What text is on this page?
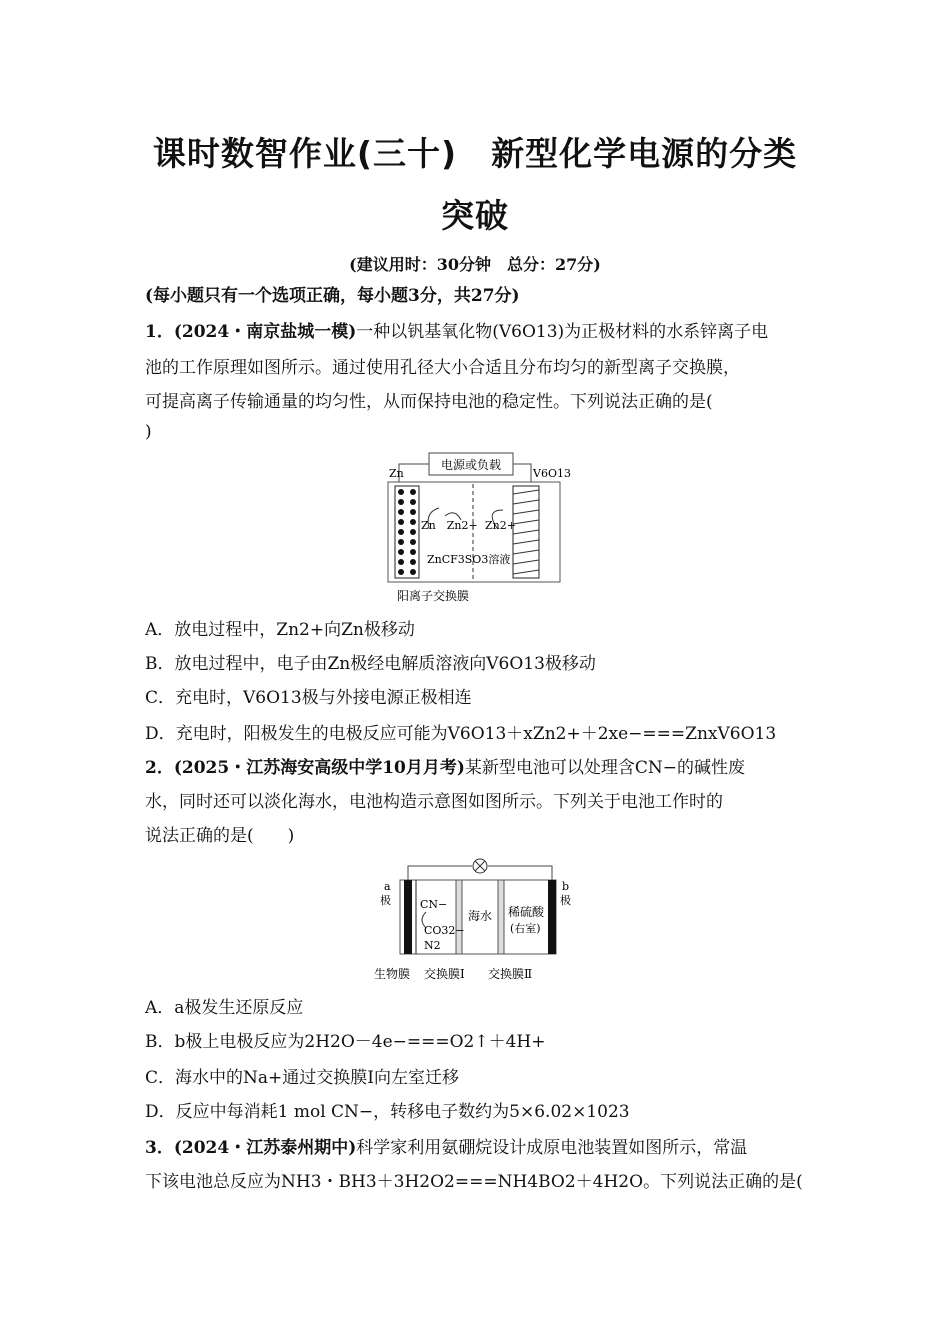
课时数智作业(三十)　新型化学电源的分类
突破
(建议用时：30分钟　总分：27分)
(每小题只有一个选项正确，每小题3分，共27分)
1．(2024・南京盐城一模)一种以钒基氧化物(V6O13)为正极材料的水系锌离子电
池的工作原理如图所示。通过使用孔径大小合适且分布均匀的新型离子交换膜，
可提高离子传输通量的均匀性，从而保持电池的稳定性。下列说法正确的是(
)
电源或负载
Zn	V6O13
Zn　Zn2+ Zn2+
ZnCF3SO3溶液
阳离子交换膜
A．放电过程中，Zn2+向Zn极移动
B．放电过程中，电子由Zn极经电解质溶液向V6O13极移动
C．充电时，V6O13极与外接电源正极相连
D．充电时，阳极发生的电极反应可能为V6O13＋xZn2+＋2xe−===ZnxV6O13
2．(2025・江苏海安高级中学10月月考)某新型电池可以处理含CN−的碱性废
水，同时还可以淡化海水，电池构造示意图如图所示。下列关于电池工作时的
说法正确的是(　　)
a
极
b
极
CN−
CO32−
N2
海水 稀硫酸
(右室)
生物膜 交换膜Ⅰ 交换膜Ⅱ
A．a极发生还原反应
B．b极上电极反应为2H2O－4e−===O2↑＋4H+
C．海水中的Na+通过交换膜Ⅰ向左室迁移
D．反应中每消耗1 mol CN−，转移电子数约为5×6.02×1023
3．(2024・江苏泰州期中)科学家利用氨硼烷设计成原电池装置如图所示，常温
下该电池总反应为NH3・BH3＋3H2O2===NH4BO2＋4H2O。下列说法正确的是(
